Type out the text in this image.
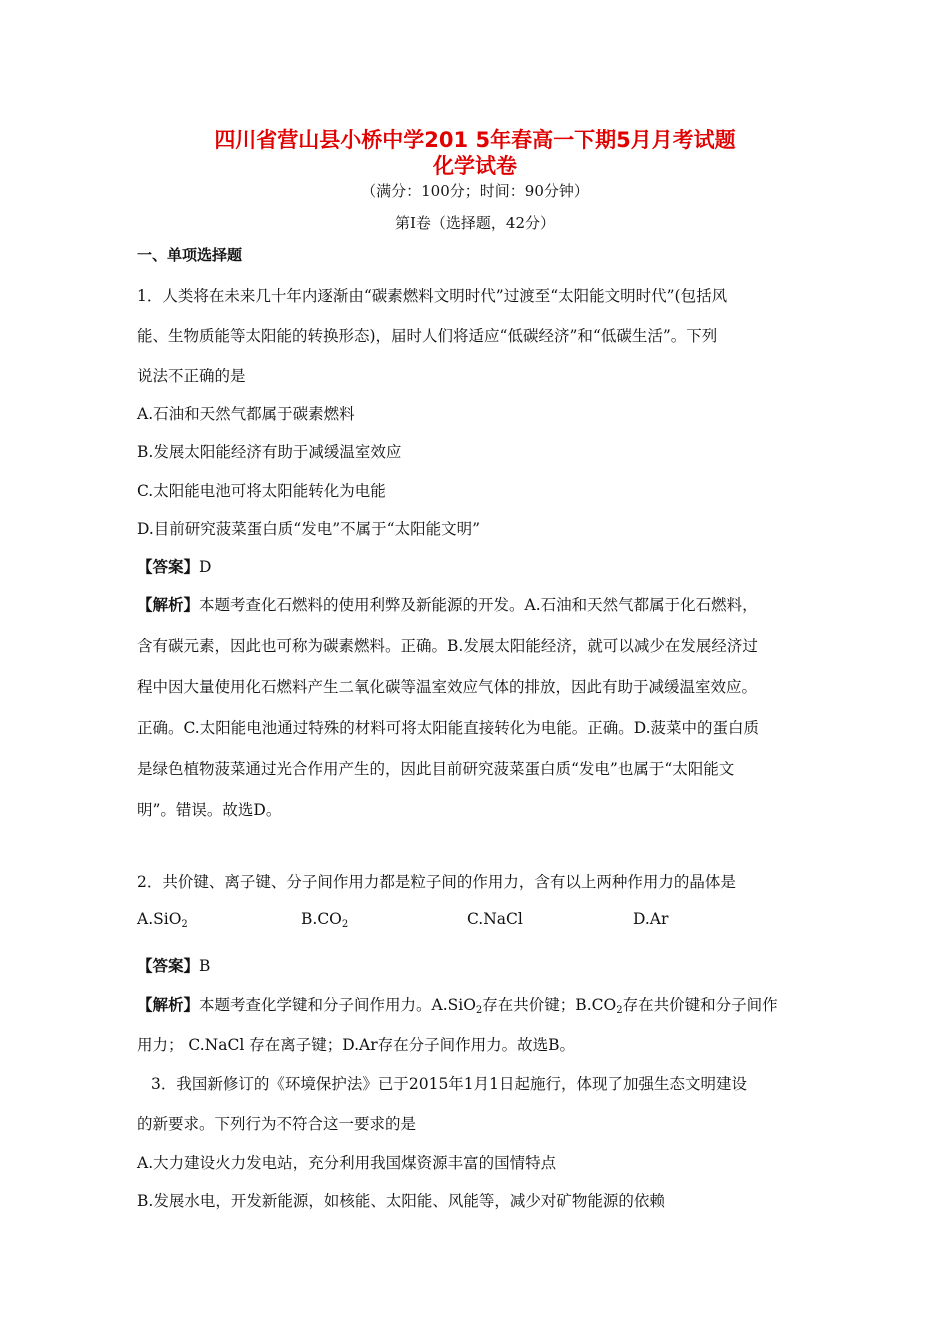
四川省营山县小桥中学201 5年春高一下期5月月考试题
化学试卷
（满分：100分；时间：90分钟）
第I卷（选择题，42分）
一、单项选择题
1．人类将在未来几十年内逐渐由“碳素燃料文明时代”过渡至“太阳能文明时代”(包括风
能、生物质能等太阳能的转换形态)，届时人们将适应“低碳经济”和“低碳生活”。下列
说法不正确的是
A.石油和天然气都属于碳素燃料
B.发展太阳能经济有助于减缓温室效应
C.太阳能电池可将太阳能转化为电能
D.目前研究菠菜蛋白质“发电”不属于“太阳能文明”
【答案】D
【解析】本题考查化石燃料的使用利弊及新能源的开发。A.石油和天然气都属于化石燃料，
含有碳元素，因此也可称为碳素燃料。正确。B.发展太阳能经济，就可以减少在发展经济过
程中因大量使用化石燃料产生二氧化碳等温室效应气体的排放，因此有助于减缓温室效应。
正确。C.太阳能电池通过特殊的材料可将太阳能直接转化为电能。正确。D.菠菜中的蛋白质
是绿色植物菠菜通过光合作用产生的，因此目前研究菠菜蛋白质“发电”也属于“太阳能文
明”。错误。故选D。
2．共价键、离子键、分子间作用力都是粒子间的作用力，含有以上两种作用力的晶体是
A.SiO$_2$	$B.CO_2$	C.NaCl	D.Ar
【答案】B
【解析】本题考查化学键和分子间作用力。A.SiO$_2$存在共价键；$B.CO_2$存在共价键和分子间作
用力； C.NaCl 存在离子键；D.Ar存在分子间作用力。故选B。
3．我国新修订的《环境保护法》已于2015年1月1日起施行，体现了加强生态文明建设
的新要求。下列行为不符合这一要求的是
A.大力建设火力发电站，充分利用我国煤资源丰富的国情特点
B.发展水电，开发新能源，如核能、太阳能、风能等，减少对矿物能源的依赖
